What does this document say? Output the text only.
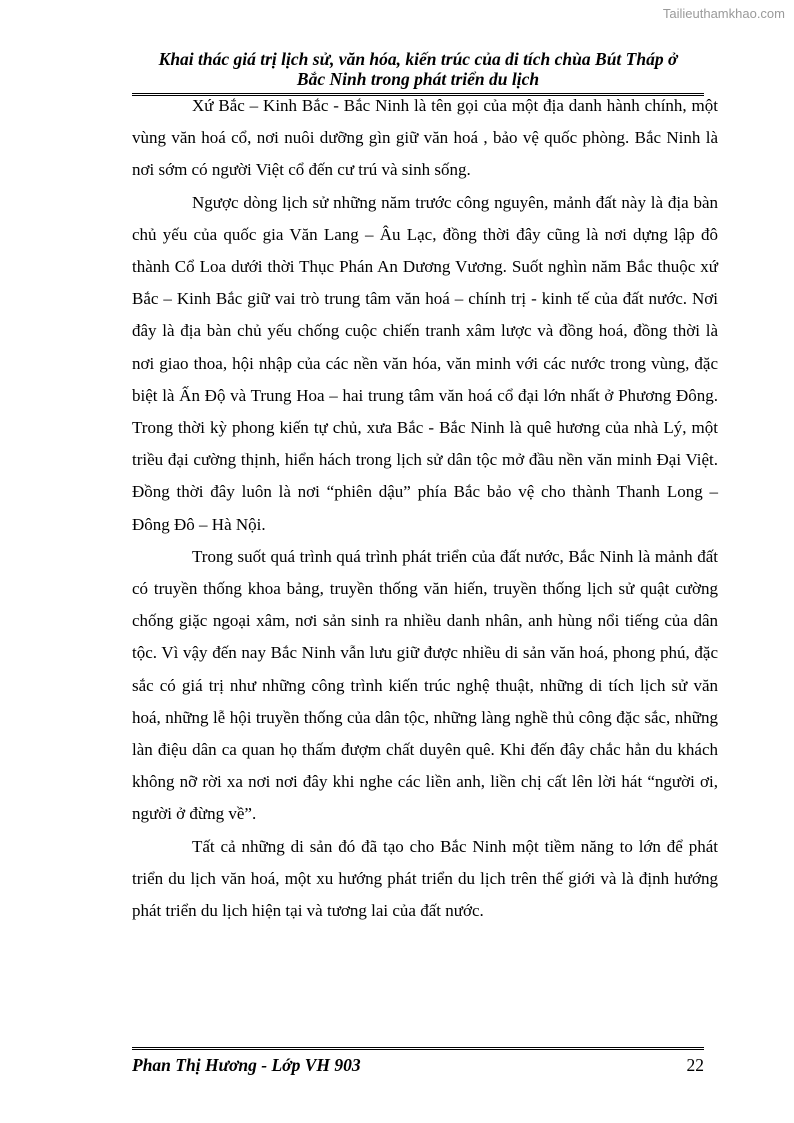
Tailieuthamkhao.com
Khai thác giá trị lịch sử, văn hóa, kiến trúc của di tích chùa Bút Tháp ở
Bắc Ninh trong phát triển du lịch

Xứ Bắc – Kinh Bắc - Bắc Ninh là tên gọi của một địa danh hành chính, một vùng văn hoá cổ, nơi nuôi dưỡng gìn giữ văn hoá , bảo vệ quốc phòng. Bắc Ninh là nơi sớm có người Việt cổ đến cư trú và sinh sống.

Ngược dòng lịch sử những năm trước công nguyên, mảnh đất này là địa bàn chủ yếu của quốc gia Văn Lang – Âu Lạc, đồng thời đây cũng là nơi dựng lập đô thành Cổ Loa dưới thời Thục Phán An Dương Vương. Suốt nghìn năm Bắc thuộc xứ Bắc – Kinh Bắc giữ vai trò trung tâm văn hoá – chính trị - kinh tế của đất nước. Nơi đây là địa bàn chủ yếu chống cuộc chiến tranh xâm lược và đồng hoá, đồng thời là nơi giao thoa, hội nhập của các nền văn hóa, văn minh với các nước trong vùng, đặc biệt là Ấn Độ và Trung Hoa – hai trung tâm văn hoá cổ đại lớn nhất ở Phương Đông. Trong thời kỳ phong kiến tự chủ, xưa Bắc - Bắc Ninh là quê hương của nhà Lý, một triều đại cường thịnh, hiển hách trong lịch sử dân tộc mở đầu nền văn minh Đại Việt. Đồng thời đây luôn là nơi “phiên dậu” phía Bắc bảo vệ cho thành Thanh Long – Đông Đô – Hà Nội.

Trong suốt quá trình quá trình phát triển của đất nước, Bắc Ninh là mảnh đất có truyền thống khoa bảng, truyền thống văn hiến, truyền thống lịch sử quật cường chống giặc ngoại xâm, nơi sản sinh ra nhiều danh nhân, anh hùng nổi tiếng của dân tộc. Vì vậy đến nay Bắc Ninh vẫn lưu giữ được nhiều di sản văn hoá, phong phú, đặc sắc có giá trị như những công trình kiến trúc nghệ thuật, những di tích lịch sử văn hoá, những lễ hội truyền thống của dân tộc, những làng nghề thủ công đặc sắc, những làn điệu dân ca quan họ thấm đượm chất duyên quê. Khi đến đây chắc hẳn du khách không nỡ rời xa nơi nơi đây khi nghe các liền anh, liền chị cất lên lời hát “người ơi, người ở đừng về”.

Tất cả những di sản đó đã tạo cho Bắc Ninh một tiềm năng to lớn để phát triển du lịch văn hoá, một xu hướng phát triển du lịch trên thế giới và là định hướng phát triển du lịch hiện tại và tương lai của đất nước.

Phan Thị Hương - Lớp VH 903	22
